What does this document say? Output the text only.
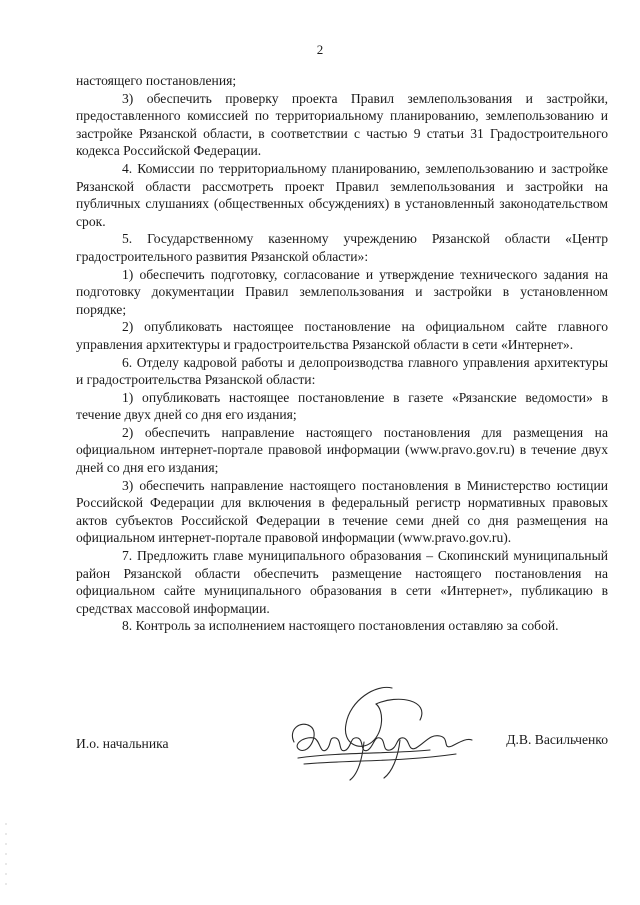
2

настоящего постановления;

3) обеспечить проверку проекта Правил землепользования и застройки, предоставленного комиссией по территориальному планированию, землепользованию и застройке Рязанской области, в соответствии с частью 9 статьи 31 Градостроительного кодекса Российской Федерации.

4. Комиссии по территориальному планированию, землепользованию и застройке Рязанской области рассмотреть проект Правил землепользования и застройки на публичных слушаниях (общественных обсуждениях) в установленный законодательством срок.

5. Государственному казенному учреждению Рязанской области «Центр градостроительного развития Рязанской области»:

1) обеспечить подготовку, согласование и утверждение технического задания на подготовку документации Правил землепользования и застройки в установленном порядке;

2) опубликовать настоящее постановление на официальном сайте главного управления архитектуры и градостроительства Рязанской области в сети «Интернет».

6. Отделу кадровой работы и делопроизводства главного управления архитектуры и градостроительства Рязанской области:

1) опубликовать настоящее постановление в газете «Рязанские ведомости» в течение двух дней со дня его издания;

2) обеспечить направление настоящего постановления для размещения на официальном интернет-портале правовой информации (www.pravo.gov.ru) в течение двух дней со дня его издания;

3) обеспечить направление настоящего постановления в Министерство юстиции Российской Федерации для включения в федеральный регистр нормативных правовых актов субъектов Российской Федерации в течение семи дней со дня размещения на официальном интернет-портале правовой информации (www.pravo.gov.ru).

7. Предложить главе муниципального образования – Скопинский муниципальный район Рязанской области обеспечить размещение настоящего постановления на официальном сайте муниципального образования в сети «Интернет», публикацию в средствах массовой информации.

8. Контроль за исполнением настоящего постановления оставляю за собой.

И.о. начальника	Д.В. Васильченко
